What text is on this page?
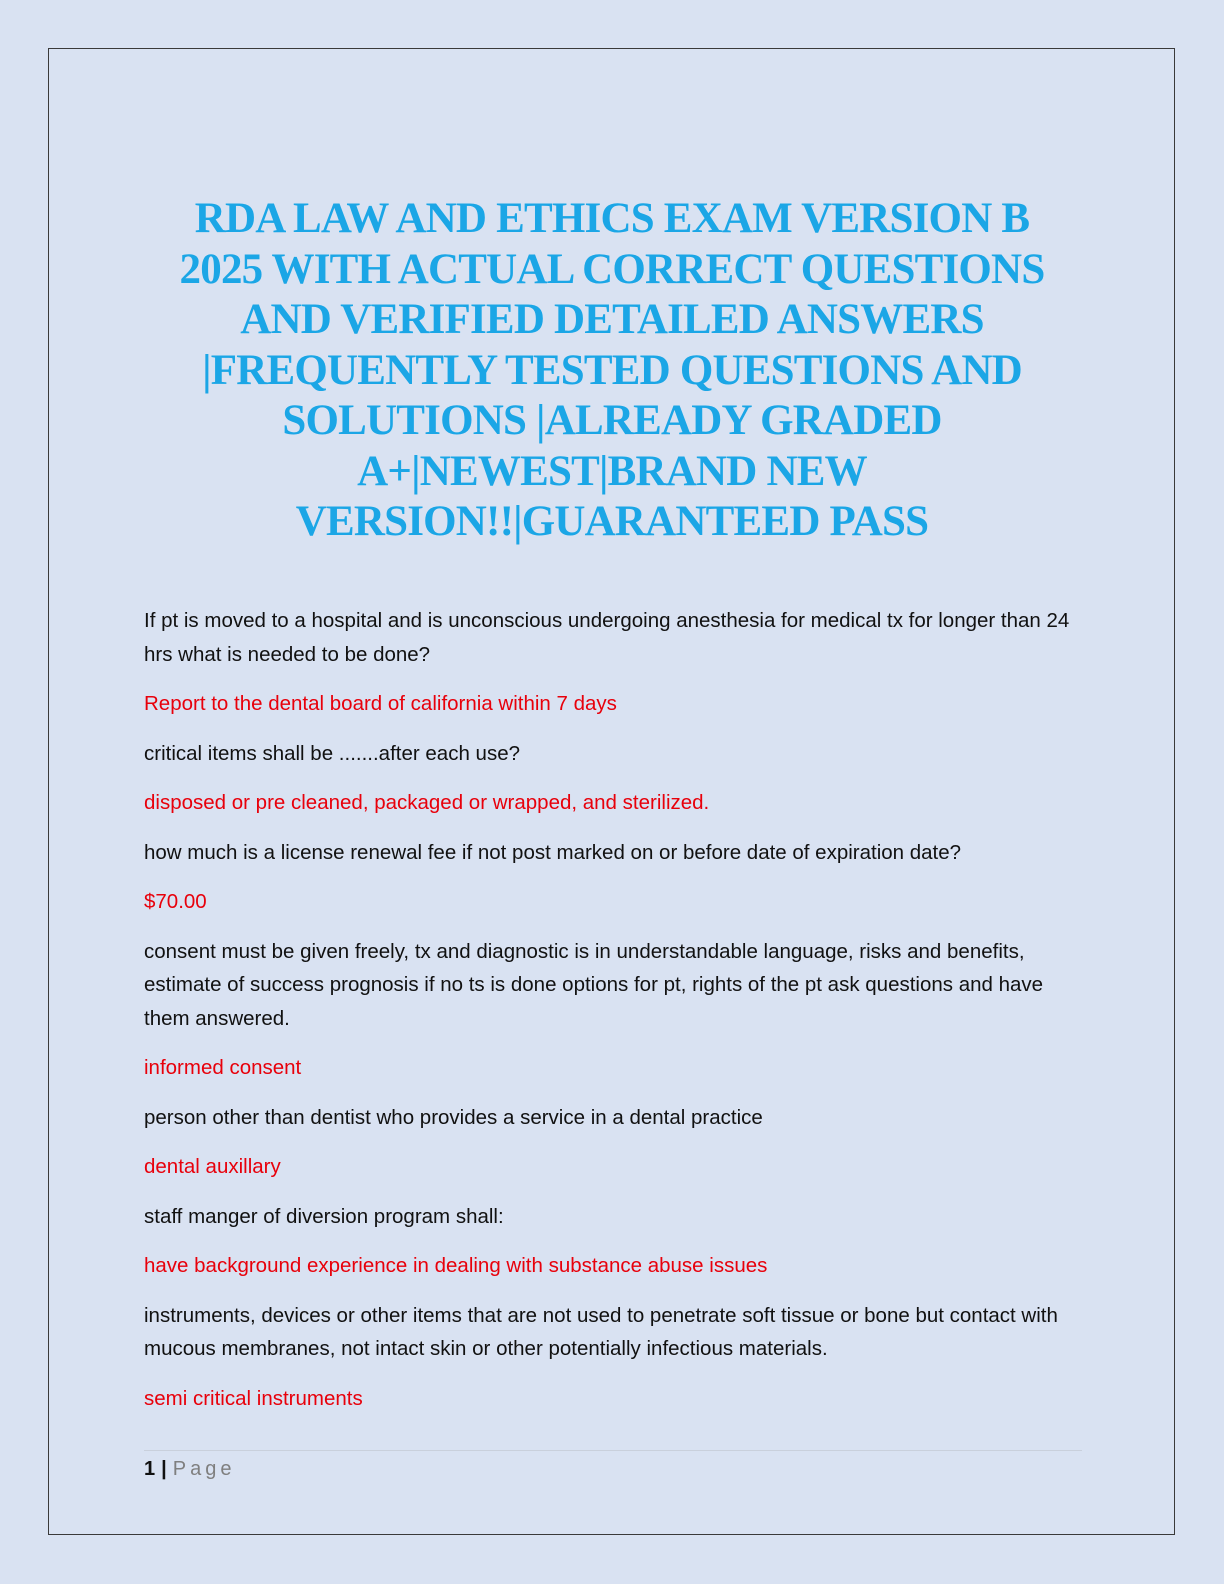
RDA LAW AND ETHICS EXAM VERSION B
2025 WITH ACTUAL CORRECT QUESTIONS
AND VERIFIED DETAILED ANSWERS
|FREQUENTLY TESTED QUESTIONS AND
SOLUTIONS |ALREADY GRADED
A+|NEWEST|BRAND NEW
VERSION!!|GUARANTEED PASS

If pt is moved to a hospital and is unconscious undergoing anesthesia for medical tx for longer than 24 hrs what is needed to be done?

Report to the dental board of california within 7 days

critical items shall be .......after each use?

disposed or pre cleaned, packaged or wrapped, and sterilized.

how much is a license renewal fee if not post marked on or before date of expiration date?

$70.00

consent must be given freely, tx and diagnostic is in understandable language, risks and benefits, estimate of success prognosis if no ts is done options for pt, rights of the pt ask questions and have them answered.

informed consent

person other than dentist who provides a service in a dental practice

dental auxillary

staff manger of diversion program shall:

have background experience in dealing with substance abuse issues

instruments, devices or other items that are not used to penetrate soft tissue or bone but contact with mucous membranes, not intact skin or other potentially infectious materials.

semi critical instruments

1 | Page
